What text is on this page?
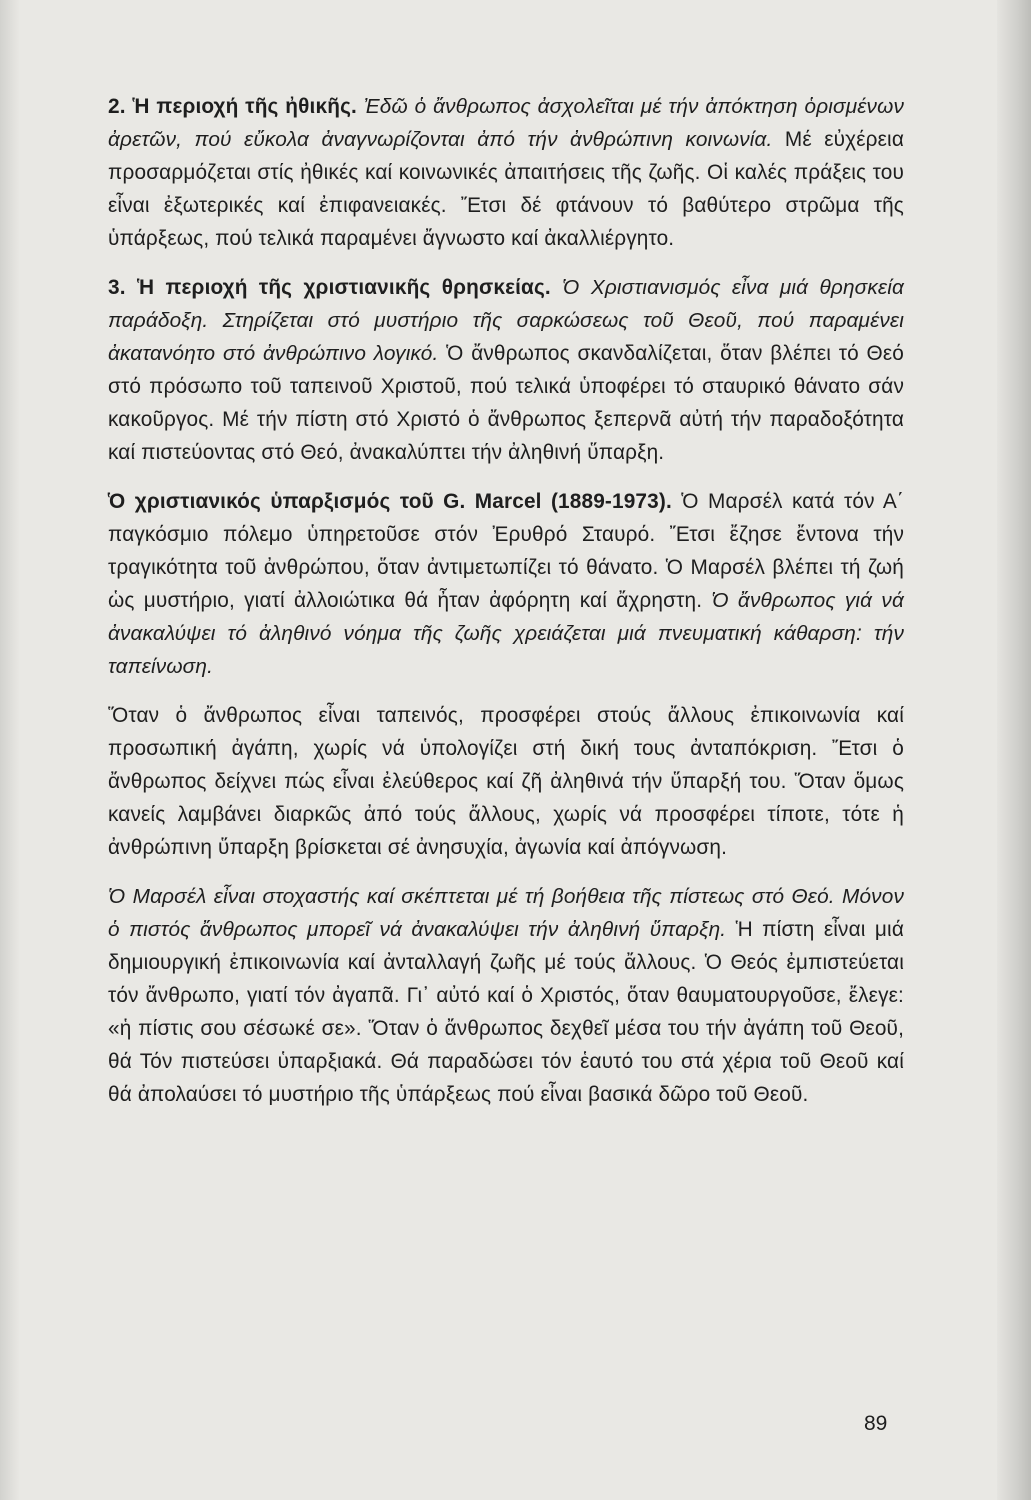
2. Ἡ περιοχή τῆς ἠθικῆς. Ἐδῶ ὁ ἄνθρωπος ἀσχολεῖται μέ τήν ἀπόκτηση ὁρισμένων ἀρετῶν, πού εὔκολα ἀναγνωρίζονται ἀπό τήν ἀνθρώπινη κοινωνία. Μέ εὐχέρεια προσαρμόζεται στίς ἠθικές καί κοινωνικές ἀπαιτήσεις τῆς ζωῆς. Οἱ καλές πράξεις του εἶναι ἐξωτερικές καί ἐπιφανειακές. Ἔτσι δέ φτάνουν τό βαθύτερο στρῶμα τῆς ὑπάρξεως, πού τελικά παραμένει ἄγνωστο καί ἀκαλλιέργητο.

3. Ἡ περιοχή τῆς χριστιανικῆς θρησκείας. Ὁ Χριστιανισμός εἶνα μιά θρησκεία παράδοξη. Στηρίζεται στό μυστήριο τῆς σαρκώσεως τοῦ Θεοῦ, πού παραμένει ἀκατανόητο στό ἀνθρώπινο λογικό. Ὁ ἄνθρωπος σκανδαλίζεται, ὅταν βλέπει τό Θεό στό πρόσωπο τοῦ ταπεινοῦ Χριστοῦ, πού τελικά ὑποφέρει τό σταυρικό θάνατο σάν κακοῦργος. Μέ τήν πίστη στό Χριστό ὁ ἄνθρωπος ξεπερνᾶ αὐτή τήν παραδοξότητα καί πιστεύοντας στό Θεό, ἀνακαλύπτει τήν ἀληθινή ὕπαρξη.

Ὁ χριστιανικός ὑπαρξισμός τοῦ G. Marcel (1889-1973). Ὁ Μαρσέλ κατά τόν Α΄ παγκόσμιο πόλεμο ὑπηρετοῦσε στόν Ἐρυθρό Σταυρό. Ἔτσι ἔζησε ἔντονα τήν τραγικότητα τοῦ ἀνθρώπου, ὅταν ἀντιμετωπίζει τό θάνατο. Ὁ Μαρσέλ βλέπει τή ζωή ὡς μυστήριο, γιατί ἀλλοιώτικα θά ἦταν ἀφόρητη καί ἄχρηστη. Ὁ ἄνθρωπος γιά νά ἀνακαλύψει τό ἀληθινό νόημα τῆς ζωῆς χρειάζεται μιά πνευματική κάθαρση: τήν ταπείνωση.

Ὅταν ὁ ἄνθρωπος εἶναι ταπεινός, προσφέρει στούς ἄλλους ἐπικοινωνία καί προσωπική ἀγάπη, χωρίς νά ὑπολογίζει στή δική τους ἀνταπόκριση. Ἔτσι ὁ ἄνθρωπος δείχνει πώς εἶναι ἐλεύθερος καί ζῆ ἀληθινά τήν ὕπαρξή του. Ὅταν ὅμως κανείς λαμβάνει διαρκῶς ἀπό τούς ἄλλους, χωρίς νά προσφέρει τίποτε, τότε ἡ ἀνθρώπινη ὕπαρξη βρίσκεται σέ ἀνησυχία, ἀγωνία καί ἀπόγνωση.

Ὁ Μαρσέλ εἶναι στοχαστής καί σκέπτεται μέ τή βοήθεια τῆς πίστεως στό Θεό. Μόνον ὁ πιστός ἄνθρωπος μπορεῖ νά ἀνακαλύψει τήν ἀληθινή ὕπαρξη. Ἡ πίστη εἶναι μιά δημιουργική ἐπικοινωνία καί ἀνταλλαγή ζωῆς μέ τούς ἄλλους. Ὁ Θεός ἐμπιστεύεται τόν ἄνθρωπο, γιατί τόν ἀγαπᾶ. Γι᾿ αὐτό καί ὁ Χριστός, ὅταν θαυματουργοῦσε, ἔλεγε: «ἡ πίστις σου σέσωκέ σε». Ὅταν ὁ ἄνθρωπος δεχθεῖ μέσα του τήν ἀγάπη τοῦ Θεοῦ, θά Τόν πιστεύσει ὑπαρξιακά. Θά παραδώσει τόν ἑαυτό του στά χέρια τοῦ Θεοῦ καί θά ἀπολαύσει τό μυστήριο τῆς ὑπάρξεως πού εἶναι βασικά δῶρο τοῦ Θεοῦ.

89
